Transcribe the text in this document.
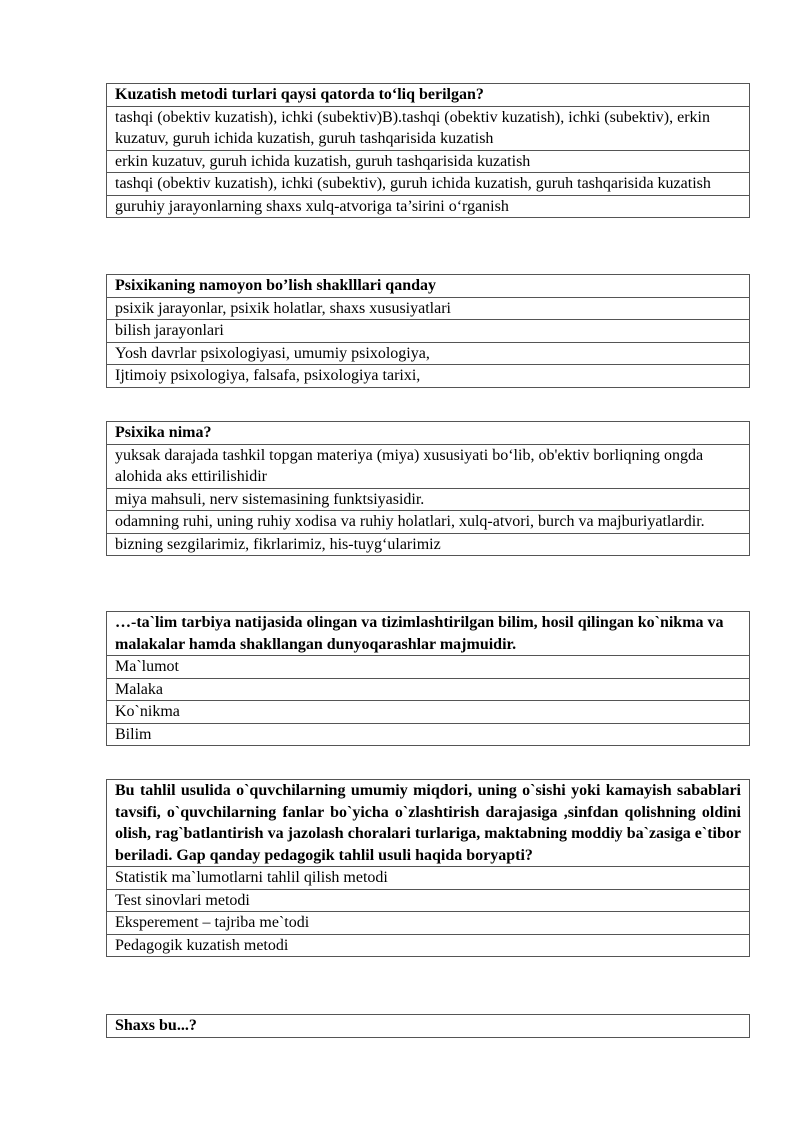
Kuzatish metodi turlari qaysi qatorda to‘liq berilgan?
tashqi (obektiv kuzatish), ichki (subektiv)B).tashqi (obektiv kuzatish), ichki (subektiv), erkin kuzatuv, guruh ichida kuzatish, guruh tashqarisida kuzatish
erkin kuzatuv, guruh ichida kuzatish, guruh tashqarisida kuzatish
tashqi (obektiv kuzatish), ichki (subektiv), guruh ichida kuzatish, guruh tashqarisida kuzatish
guruhiy jarayonlarning shaxs xulq-atvoriga ta’sirini o‘rganish
Psixikaning namoyon bo’lish shaklllari qanday
psixik jarayonlar, psixik holatlar, shaxs xususiyatlari
bilish jarayonlari
Yosh davrlar psixologiyasi, umumiy psixologiya,
Ijtimoiy psixologiya, falsafa, psixologiya tarixi,
Psixika nima?
yuksak darajada tashkil topgan materiya (miya) xususiyati bo‘lib, ob'ektiv borliqning ongda alohida aks ettirilishidir
miya mahsuli, nerv sistemasining funktsiyasidir.
odamning ruhi, uning ruhiy xodisa va ruhiy holatlari, xulq-atvori, burch va majburiyatlardir.
bizning sezgilarimiz, fikrlarimiz, his-tuyg‘ularimiz
…-ta`lim tarbiya natijasida olingan va tizimlashtirilgan bilim, hosil qilingan ko`nikma va malakalar hamda shakllangan dunyoqarashlar majmuidir.
Ma`lumot
Malaka
Ko`nikma
Bilim
Bu tahlil usulida o`quvchilarning umumiy miqdori, uning o`sishi yoki kamayish sabablari tavsifi, o`quvchilarning fanlar bo`yicha o`zlashtirish darajasiga ,sinfdan qolishning oldini olish, rag`batlantirish va jazolash choralari turlariga, maktabning moddiy ba`zasiga e`tibor beriladi. Gap qanday pedagogik tahlil usuli haqida boryapti?
Statistik ma`lumotlarni tahlil qilish metodi
Test sinovlari metodi
Eksperement – tajriba me`todi
Pedagogik kuzatish metodi
Shaxs bu...?
